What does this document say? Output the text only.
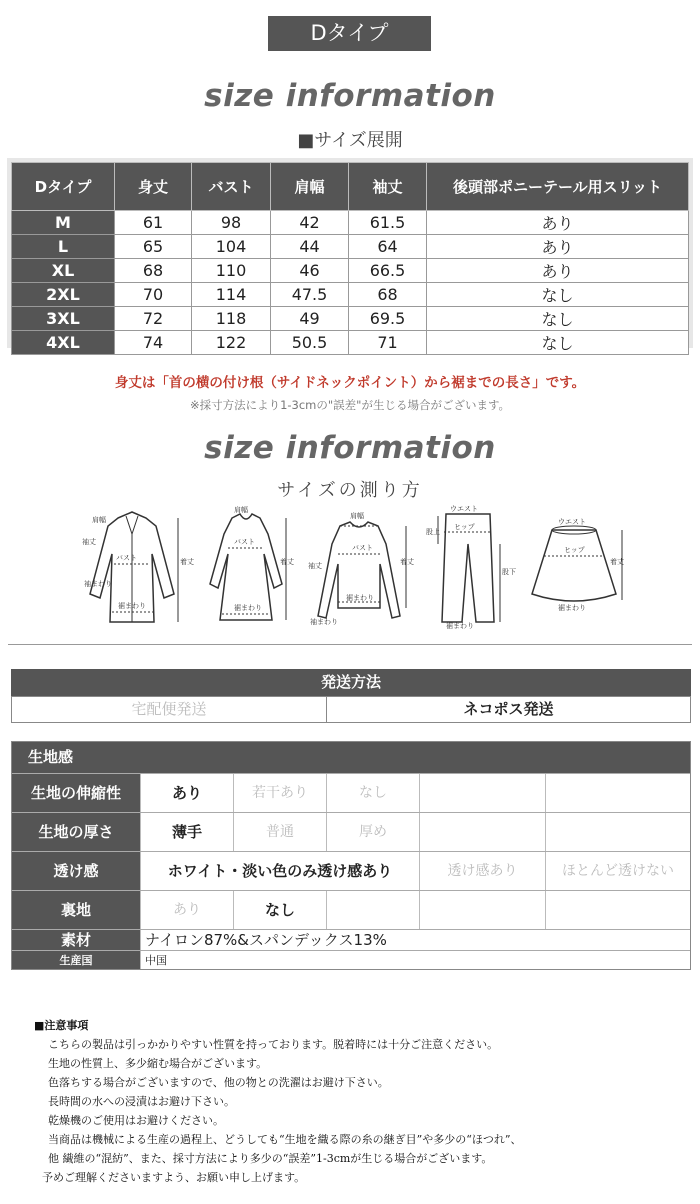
Dタイプ
size information
■サイズ展開
Dタイプ	身丈	バスト	肩幅	袖丈	後頭部ポニーテール用スリット
M	61	98	42	61.5	あり
L	65	104	44	64	あり
XL	68	110	46	66.5	あり
2XL	70	114	47.5	68	なし
3XL	72	118	49	69.5	なし
4XL	74	122	50.5	71	なし
身丈は「首の横の付け根（サイドネックポイント）から裾までの長さ」です。
※採寸方法により1-3cmの"誤差"が生じる場合がございます。
size information
サイズの測り方
肩幅
袖丈
バスト
袖まわり
着丈
裾まわり
肩幅
バスト
着丈
裾まわり
肩幅
バスト
袖丈	着丈
裾まわり
袖まわり
ウエスト
ヒップ
股上
股下
裾まわり
ウエスト
ヒップ
着丈
裾まわり
発送方法
宅配便発送	ネコポス発送
生地感
生地の伸縮性	あり	若干あり	なし
生地の厚さ	薄手	普通	厚め
透け感	ホワイト・淡い色のみ透け感あり	透け感あり	ほとんど透けない
裏地	あり	なし
素材	ナイロン87%&スパンデックス13%
生産国	中国
■注意事項

こちらの製品は引っかかりやすい性質を持っております。脱着時には十分ご注意ください。

生地の性質上、多少縮む場合がございます。

色落ちする場合がございますので、他の物との洗濯はお避け下さい。

長時間の水への浸漬はお避け下さい。

乾燥機のご使用はお避けください。

当商品は機械による生産の過程上、どうしても“生地を織る際の糸の継ぎ目”や多少の“ほつれ”、

他 繊維の“混紡”、また、採寸方法により多少の“誤差”1-3cmが生じる場合がございます。

予めご理解くださいますよう、お願い申し上げます。
